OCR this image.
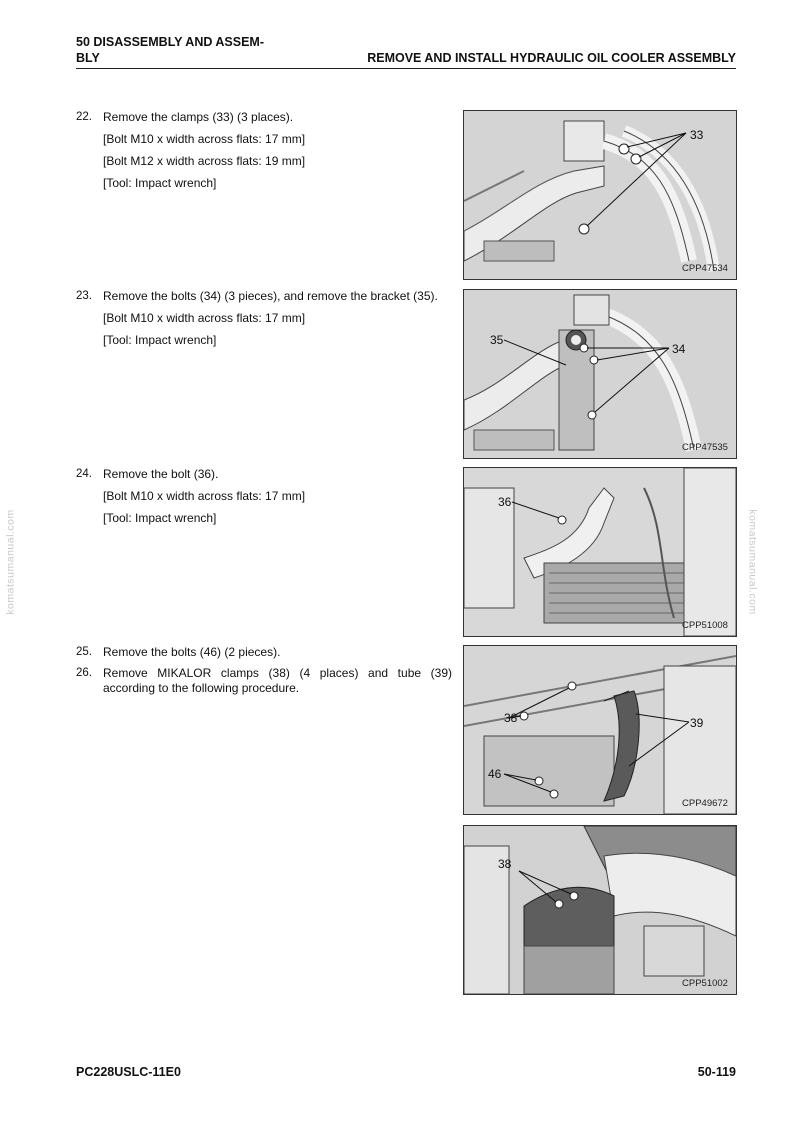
50 DISASSEMBLY AND ASSEM-
BLY	REMOVE AND INSTALL HYDRAULIC OIL COOLER ASSEMBLY
22. Remove the clamps (33) (3 places).
[Bolt M10 x width across flats: 17 mm]
[Bolt M12 x width across flats: 19 mm]
[Tool: Impact wrench]
23. Remove the bolts (34) (3 pieces), and remove the bracket (35).
[Bolt M10 x width across flats: 17 mm]
[Tool: Impact wrench]
24. Remove the bolt (36).
[Bolt M10 x width across flats: 17 mm]
[Tool: Impact wrench]
25. Remove the bolts (46) (2 pieces).
26. Remove MIKALOR clamps (38) (4 places) and tube (39) according to the following procedure.
33
CPP47534
35
34
CPP47535
36
CPP51008
38	39
46
CPP49672
38
CPP51002
komatsumanual.com	komatsumanual.com
PC228USLC-11E0	50-119
